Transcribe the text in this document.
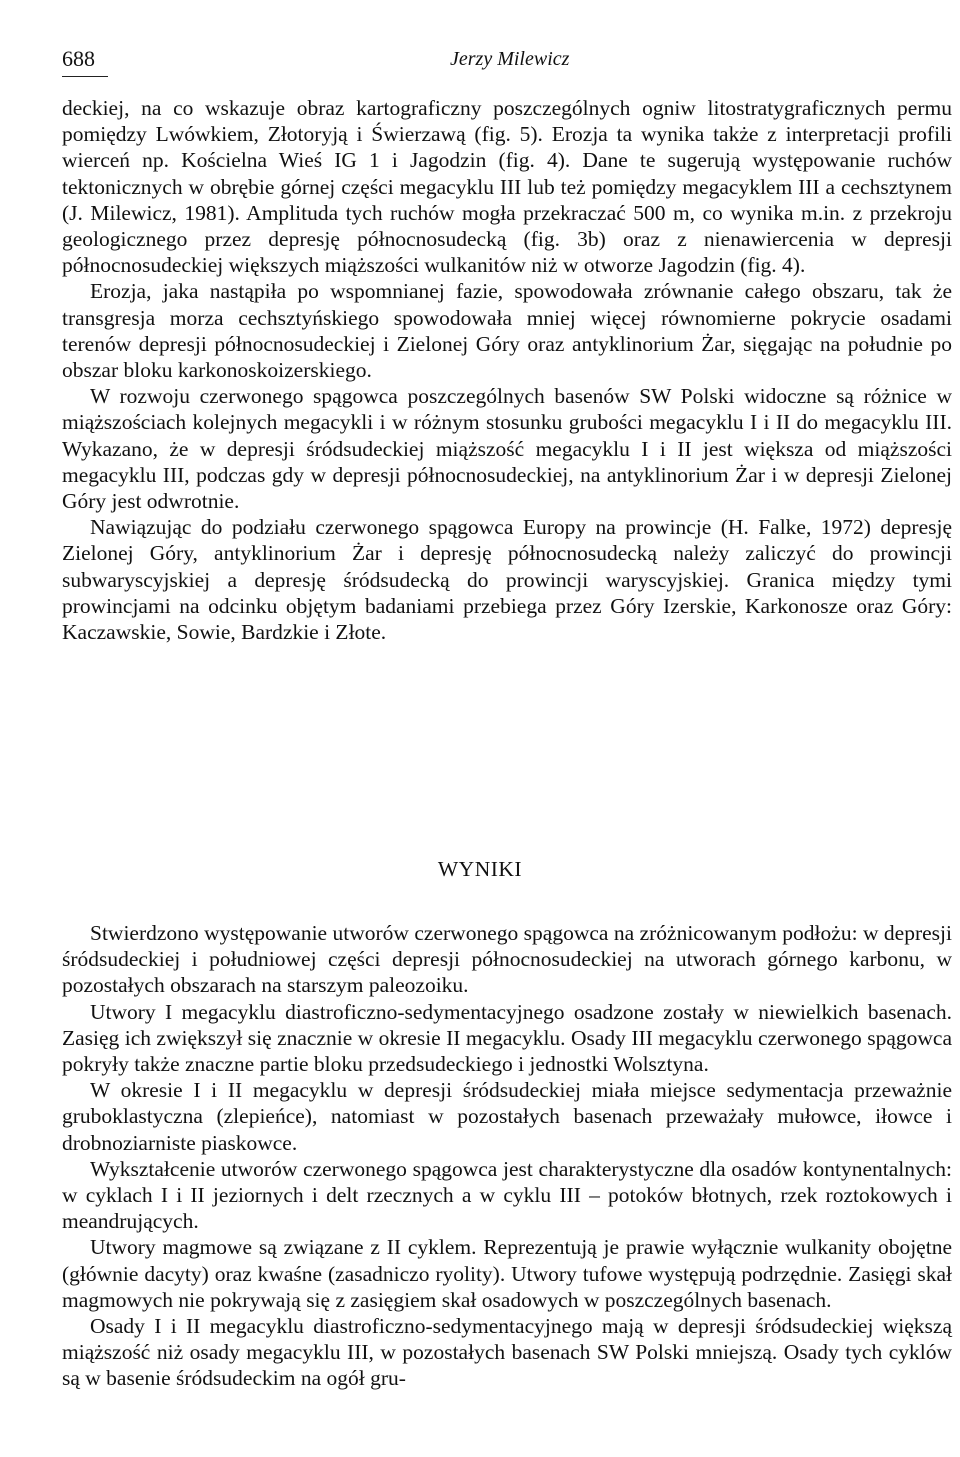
688	Jerzy Milewicz

deckiej, na co wskazuje obraz kartograficzny poszczególnych ogniw litostratygraficznych permu pomiędzy Lwówkiem, Złotoryją i Świerzawą (fig. 5). Erozja ta wynika także z interpretacji profili wierceń np. Kościelna Wieś IG 1 i Jagodzin (fig. 4). Dane te sugerują występowanie ruchów tektonicznych w obrębie górnej części megacyklu III lub też pomiędzy megacyklem III a cechsztynem (J. Milewicz, 1981). Amplituda tych ruchów mogła przekraczać 500 m, co wynika m.in. z przekroju geologicznego przez depresję północnosudecką (fig. 3b) oraz z nienawiercenia w depresji północnosudeckiej większych miąższości wulkanitów niż w otworze Jagodzin (fig. 4).

Erozja, jaka nastąpiła po wspomnianej fazie, spowodowała zrównanie całego obszaru, tak że transgresja morza cechsztyńskiego spowodowała mniej więcej równomierne pokrycie osadami terenów depresji północnosudeckiej i Zielonej Góry oraz antyklinorium Żar, sięgając na południe po obszar bloku karkonoskoizerskiego.

W rozwoju czerwonego spągowca poszczególnych basenów SW Polski widoczne są różnice w miąższościach kolejnych megacykli i w różnym stosunku grubości megacyklu I i II do megacyklu III. Wykazano, że w depresji śródsudeckiej miąższość megacyklu I i II jest większa od miąższości megacyklu III, podczas gdy w depresji północnosudeckiej, na antyklinorium Żar i w depresji Zielonej Góry jest odwrotnie.

Nawiązując do podziału czerwonego spągowca Europy na prowincje (H. Falke, 1972) depresję Zielonej Góry, antyklinorium Żar i depresję północnosudecką należy zaliczyć do prowincji subwaryscyjskiej a depresję śródsudecką do prowincji waryscyjskiej. Granica między tymi prowincjami na odcinku objętym badaniami przebiega przez Góry Izerskie, Karkonosze oraz Góry: Kaczawskie, Sowie, Bardzkie i Złote.

WYNIKI

Stwierdzono występowanie utworów czerwonego spągowca na zróżnicowanym podłożu: w depresji śródsudeckiej i południowej części depresji północnosudeckiej na utworach górnego karbonu, w pozostałych obszarach na starszym paleozoiku.

Utwory I megacyklu diastroficzno-sedymentacyjnego osadzone zostały w niewielkich basenach. Zasięg ich zwiększył się znacznie w okresie II megacyklu. Osady III megacyklu czerwonego spągowca pokryły także znaczne partie bloku przedsudeckiego i jednostki Wolsztyna.

W okresie I i II megacyklu w depresji śródsudeckiej miała miejsce sedymentacja przeważnie gruboklastyczna (zlepieńce), natomiast w pozostałych basenach przeważały mułowce, iłowce i drobnoziarniste piaskowce.

Wykształcenie utworów czerwonego spągowca jest charakterystyczne dla osadów kontynentalnych: w cyklach I i II jeziornych i delt rzecznych a w cyklu III – potoków błotnych, rzek roztokowych i meandrujących.

Utwory magmowe są związane z II cyklem. Reprezentują je prawie wyłącznie wulkanity obojętne (głównie dacyty) oraz kwaśne (zasadniczo ryolity). Utwory tufowe występują podrzędnie. Zasięgi skał magmowych nie pokrywają się z zasięgiem skał osadowych w poszczególnych basenach.

Osady I i II megacyklu diastroficzno-sedymentacyjnego mają w depresji śródsudeckiej większą miąższość niż osady megacyklu III, w pozostałych basenach SW Polski mniejszą. Osady tych cyklów są w basenie śródsudeckim na ogół gru-
